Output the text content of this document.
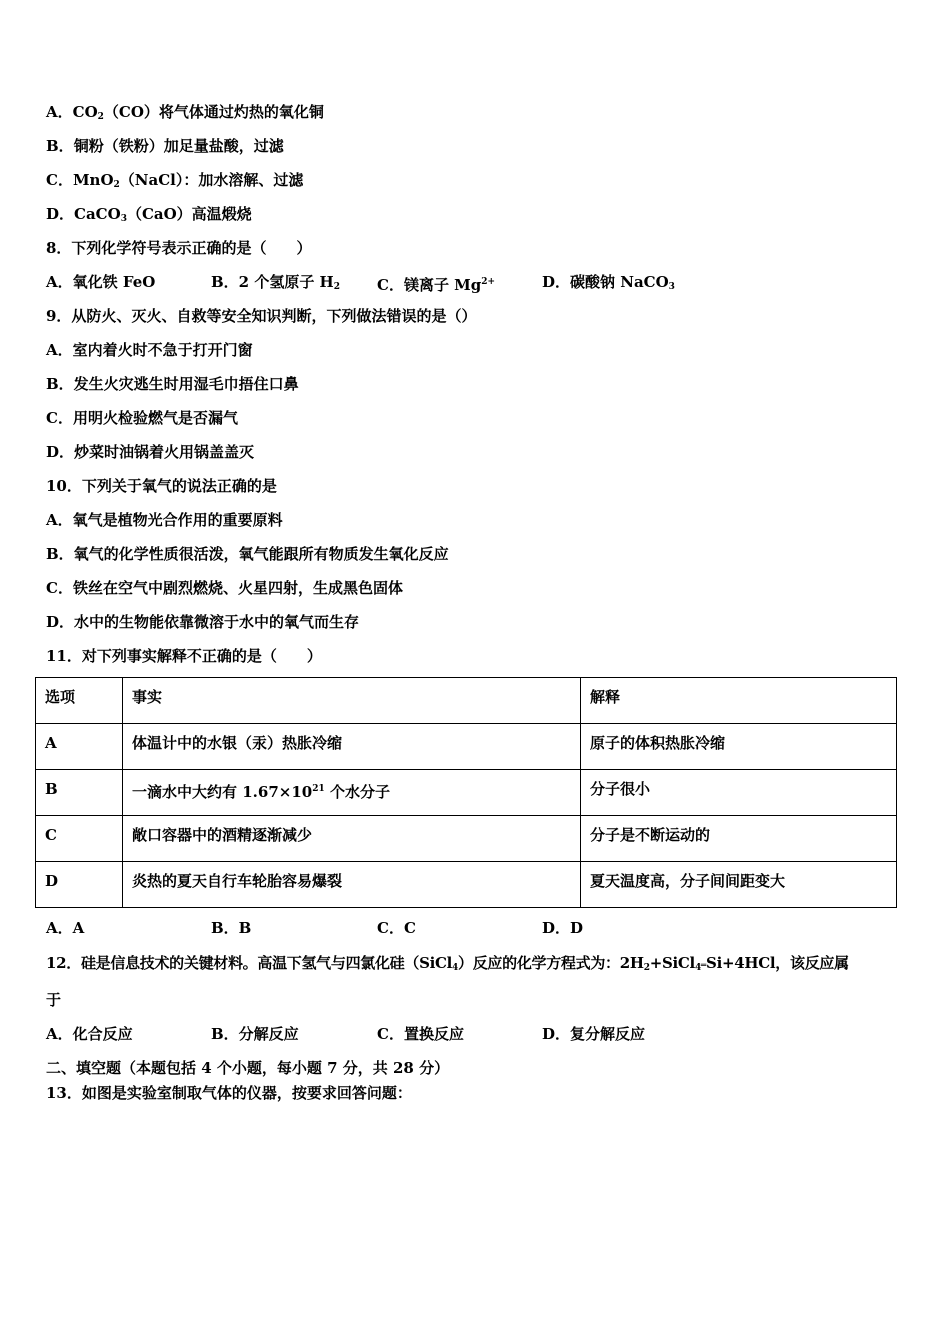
A．$CO_2(CO)$将气体通过灼热的氧化铜
B．铜粉（铁粉）加足量盐酸，过滤
C．MnO$_2$（NaCl）：加水溶解、过滤
D．CaCO$_3$（CaO）高温煅烧
8．下列化学符号表示正确的是（　　）
A．氧化铁 FeO	B．2 个氢原子 $H_2$ C．镁离子 $Mg^{2+}$	D．碳酸钠 NaCO$_3$
9．从防火、灭火、自救等安全知识判断，下列做法错误的是（）
A．室内着火时不急于打开门窗
B．发生火灾逃生时用湿毛巾捂住口鼻
C．用明火检验燃气是否漏气
D．炒菜时油锅着火用锅盖盖灭
10．下列关于氧气的说法正确的是
A．氧气是植物光合作用的重要原料
B．氧气的化学性质很活泼，氧气能跟所有物质发生氧化反应
C．铁丝在空气中剧烈燃烧、火星四射，生成黑色固体
D．水中的生物能依靠微溶于水中的氧气而生存
11．对下列事实解释不正确的是（　　）
选项	事实	解释
A	体温计中的水银（汞）热胀冷缩	原子的体积热胀冷缩
B	一滴水中大约有 $1.67\times 10^{21}$ 个水分子	分子很小
C	敞口容器中的酒精逐渐减少	分子是不断运动的
D	炎热的夏天自行车轮胎容易爆裂	夏天温度高，分子间间距变大
A．A	B．B	C．C	D．D
12．硅是信息技术的关键材料。高温下氢气与四氯化硅（SiCl$_4$）反应的化学方程式为：$2H_2+SiCl_4═Si+4HCl$，该反应属
于
A．化合反应	B．分解反应	C．置换反应	D．复分解反应
二、填空题（本题包括 4 个小题，每小题 7 分，共 28 分）
13．如图是实验室制取气体的仪器，按要求回答问题：
